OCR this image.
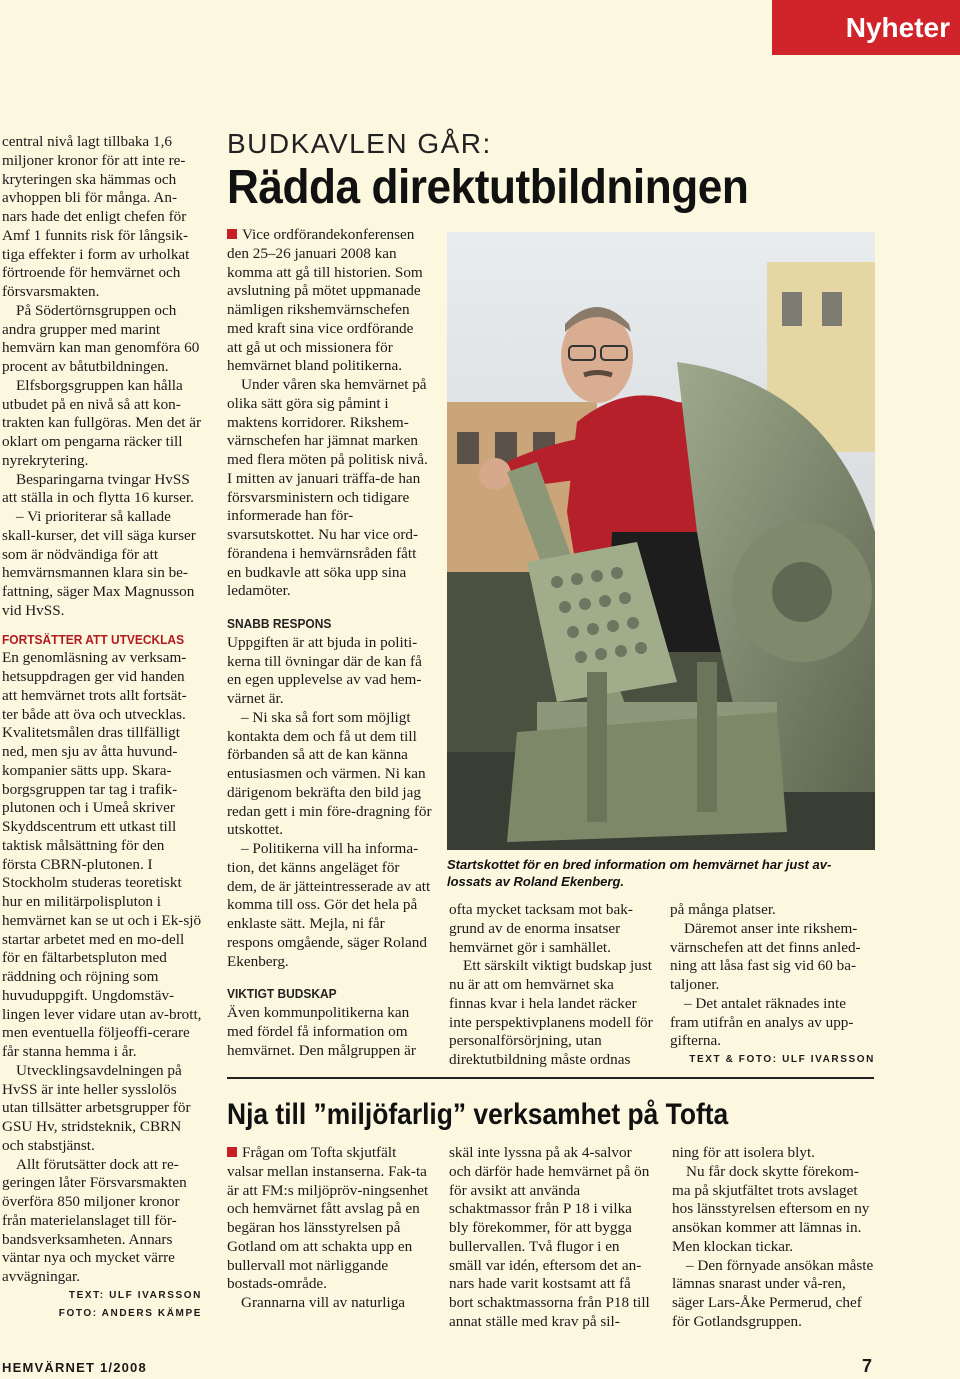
Nyheter

central nivå lagt tillbaka 1,6 miljoner kronor för att inte re-kryteringen ska hämmas och avhoppen bli för många. An-nars hade det enligt chefen för Amf 1 funnits risk för långsik-tiga effekter i form av urholkat förtroende för hemvärnet och försvarsmakten.

På Södertörnsgruppen och andra grupper med marint hemvärn kan man genomföra 60 procent av båtutbildningen.

Elfsborgsgruppen kan hålla utbudet på en nivå så att kon-trakten kan fullgöras. Men det är oklart om pengarna räcker till nyrekrytering.

Besparingarna tvingar HvSS att ställa in och flytta 16 kurser.

– Vi prioriterar så kallade skall-kurser, det vill säga kurser som är nödvändiga för att hemvärnsmannen klara sin be-fattning, säger Max Magnusson vid HvSS.

FORTSÄTTER ATT UTVECKLAS

En genomläsning av verksam-hetsuppdragen ger vid handen att hemvärnet trots allt fortsät-ter både att öva och utvecklas. Kvalitetsmålen dras tillfälligt ned, men sju av åtta huvund-kompanier sätts upp. Skara-borgsgruppen tar tag i trafik-plutonen och i Umeå skriver Skyddscentrum ett utkast till taktisk målsättning för den första CBRN-plutonen. I Stockholm studeras teoretiskt hur en militärpolispluton i hemvärnet kan se ut och i Ek-sjö startar arbetet med en mo-dell för en fältarbetspluton med räddning och röjning som huvuduppgift. Ungdomstäv-lingen lever vidare utan av-brott, men eventuella följeoffi-cerare får stanna hemma i år.

Utvecklingsavdelningen på HvSS är inte heller sysslolös utan tillsätter arbetsgrupper för GSU Hv, stridsteknik, CBRN och stabstjänst.

Allt förutsätter dock att re-geringen låter Försvarsmakten överföra 850 miljoner kronor från materielanslaget till för-bandsverksamheten. Annars väntar nya och mycket värre avvägningar.

TEXT: ULF IVARSSON
FOTO: ANDERS KÄMPE
BUDKAVLEN GÅR:
Rädda direktutbildningen

Vice ordförandekonferensen den 25–26 januari 2008 kan komma att gå till historien. Som avslutning på mötet uppmanade nämligen rikshemvärnschefen med kraft sina vice ordförande att gå ut och missionera för hemvärnet bland politikerna.

Under våren ska hemvärnet på olika sätt göra sig påmint i maktens korridorer. Rikshem-värnschefen har jämnat marken med flera möten på politisk nivå. I mitten av januari träffa-de han försvarsministern och tidigare informerade han för-svarsutskottet. Nu har vice ord-förandena i hemvärnsråden fått en budkavle att söka upp sina ledamöter.

SNABB RESPONS

Uppgiften är att bjuda in politi-kerna till övningar där de kan få en egen upplevelse av vad hem-värnet är.

– Ni ska så fort som möjligt kontakta dem och få ut dem till förbanden så att de kan känna entusiasmen och värmen. Ni kan därigenom bekräfta den bild jag redan gett i min före-dragning för utskottet.

– Politikerna vill ha informa-tion, det känns angeläget för dem, de är jätteintresserade av att komma till oss. Gör det hela på enklaste sätt. Mejla, ni får respons omgående, säger Roland Ekenberg.

VIKTIGT BUDSKAP

Även kommunpolitikerna kan med fördel få information om hemvärnet. Den målgruppen är

Startskottet för en bred information om hemvärnet har just av-lossats av Roland Ekenberg.

ofta mycket tacksam mot bak-grund av de enorma insatser hemvärnet gör i samhället.

Ett särskilt viktigt budskap just nu är att om hemvärnet ska finnas kvar i hela landet räcker inte perspektivplanens modell för personalförsörjning, utan direktutbildning måste ordnas

på många platser.

Däremot anser inte rikshem-värnschefen att det finns anled-ning att låsa fast sig vid 60 ba-taljoner.

– Det antalet räknades inte fram utifrån en analys av upp-gifterna.

TEXT & FOTO: ULF IVARSSON
Nja till ”miljöfarlig” verksamhet på Tofta

Frågan om Tofta skjutfält valsar mellan instanserna. Fak-ta är att FM:s miljöpröv-ningsenhet och hemvärnet fått avslag på en begäran hos länsstyrelsen på Gotland om att schakta upp en bullervall mot närliggande bostads-område.

Grannarna vill av naturliga

skäl inte lyssna på ak 4-salvor och därför hade hemvärnet på ön för avsikt att använda schaktmassor från P 18 i vilka bly förekommer, för att bygga bullervallen. Två flugor i en smäll var idén, eftersom det an-nars hade varit kostsamt att få bort schaktmassorna från P18 till annat ställe med krav på sil-

ning för att isolera blyt.

Nu får dock skytte förekom-ma på skjutfältet trots avslaget hos länsstyrelsen eftersom en ny ansökan kommer att lämnas in. Men klockan tickar.

– Den förnyade ansökan måste lämnas snarast under vå-ren, säger Lars-Åke Permerud, chef för Gotlandsgruppen.

HEMVÄRNET 1/2008	7
